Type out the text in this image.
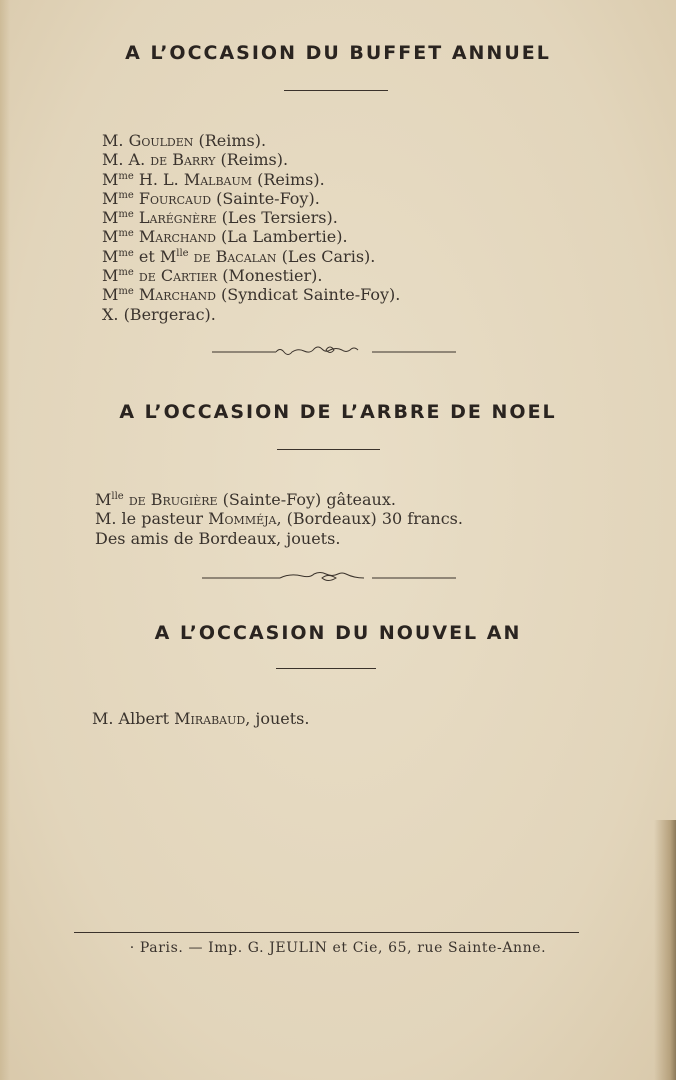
A L’OCCASION DU BUFFET ANNUEL
M. Goulden (Reims).
M. A. de Barry (Reims).
$M^{me}$ H. L. Malbaum (Reims).
$M^{me}$ Fourcaud (Sainte-Foy).
$M^{me}$ Larégnère (Les Tersiers).
$M^{me}$ Marchand (La Lambertie).
$M^{me}$ et $M^{lle}$ de Bacalan (Les Caris).
$M^{me}$ de Cartier (Monestier).
$M^{me}$ Marchand (Syndicat Sainte-Foy).
X. (Bergerac).
A L’OCCASION DE L’ARBRE DE NOEL
$M^{lle}$ de Brugière (Sainte-Foy) gâteaux.
M. le pasteur Momméja, (Bordeaux) 30 francs.
Des amis de Bordeaux, jouets.
A L’OCCASION DU NOUVEL AN
M. Albert Mirabaud, jouets.

· Paris. — Imp. G. JEULIN et Cie, 65, rue Sainte-Anne.
